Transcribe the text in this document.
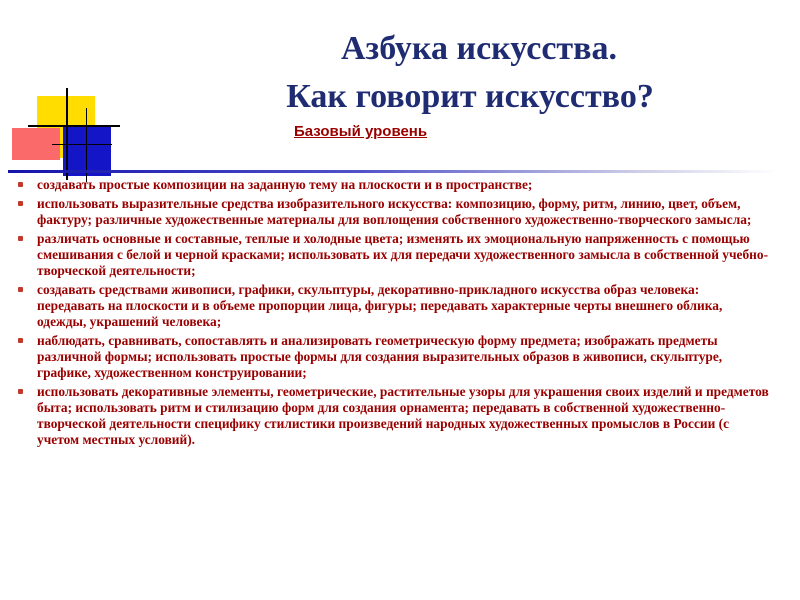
Азбука искусства.
Как говорит искусство?
Базовый уровень
создавать простые композиции на заданную тему на плоскости и в пространстве;
использовать выразительные средства изобразительного искусства: композицию, форму, ритм, линию, цвет, объем, фактуру; различные художественные материалы для воплощения собственного художественно-творческого замысла;
различать основные и составные, теплые и холодные цвета; изменять их эмоциональную напряженность с помощью смешивания с белой и черной красками; использовать их для передачи художественного замысла в собственной учебно-творческой деятельности;
создавать средствами живописи, графики, скульптуры, декоративно-прикладного искусства образ человека: передавать на плоскости и в объеме пропорции лица, фигуры; передавать характерные черты внешнего облика, одежды, украшений человека;
наблюдать, сравнивать, сопоставлять и анализировать геометрическую форму предмета; изображать предметы различной формы; использовать простые формы для создания выразительных образов в живописи, скульптуре, графике, художественном конструировании;
использовать декоративные элементы, геометрические, растительные узоры для украшения своих изделий и предметов быта; использовать ритм и стилизацию форм для создания орнамента; передавать в собственной художественно-творческой деятельности специфику стилистики произведений народных художественных промыслов в России (с учетом местных условий).
